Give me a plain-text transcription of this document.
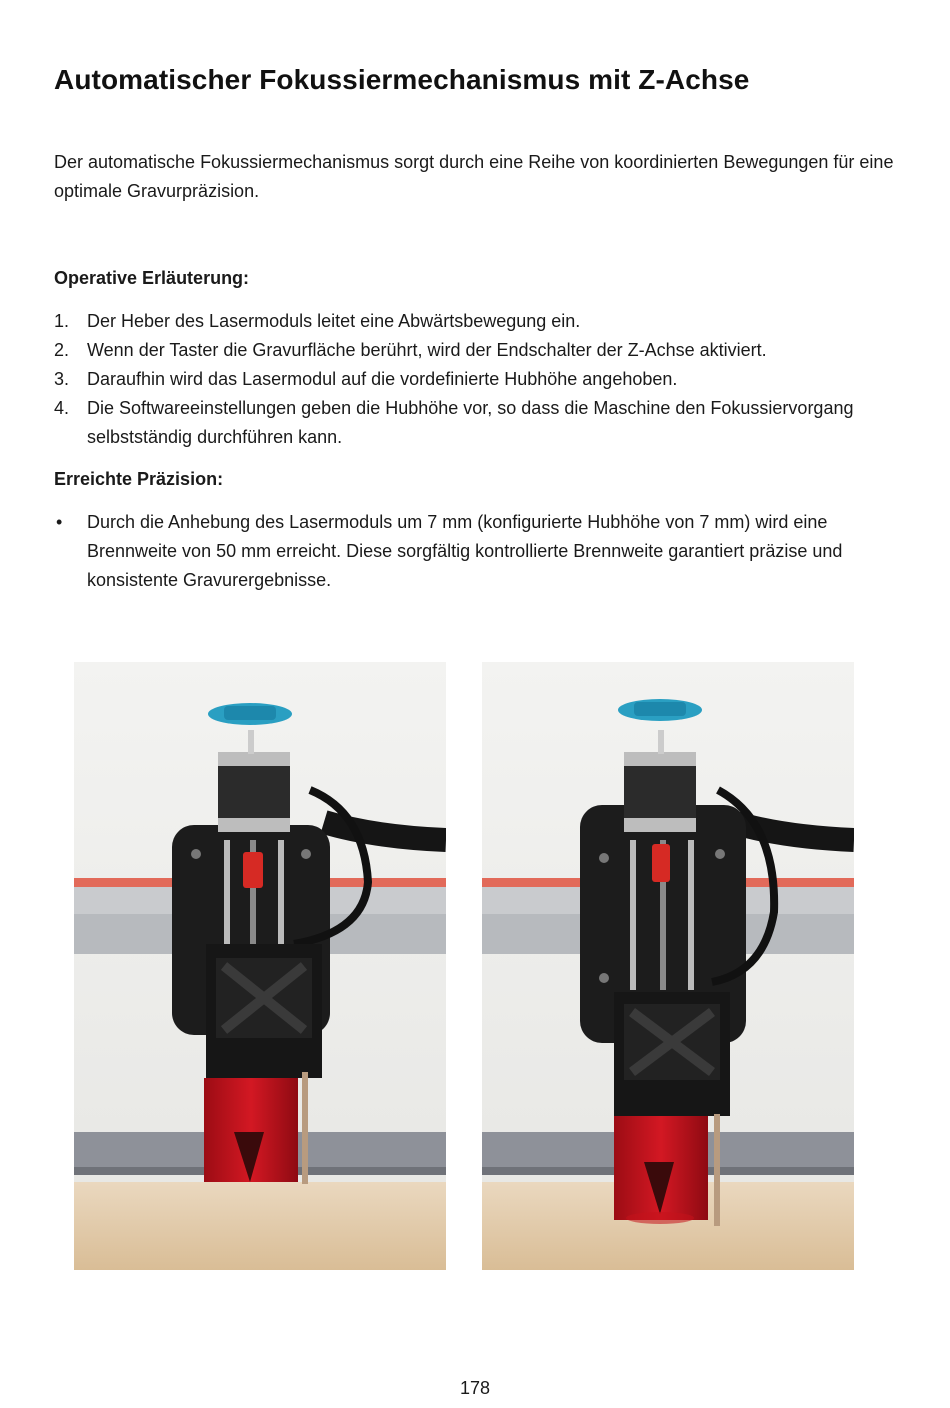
Automatischer Fokussiermechanismus mit Z-Achse

Der automatische Fokussiermechanismus sorgt durch eine Reihe von koordinierten Bewegungen für eine optimale Gravurpräzision.

Operative Erläuterung:

1. Der Heber des Lasermoduls leitet eine Abwärtsbewegung ein.
2. Wenn der Taster die Gravurfläche berührt, wird der Endschalter der Z-Achse aktiviert.
3. Daraufhin wird das Lasermodul auf die vordefinierte Hubhöhe angehoben.
4. Die Softwareeinstellungen geben die Hubhöhe vor, so dass die Maschine den Fokussiervorgang selbstständig durchführen kann.

Erreichte Präzision:

• Durch die Anhebung des Lasermoduls um 7 mm (konfigurierte Hubhöhe von 7 mm) wird eine Brennweite von 50 mm erreicht. Diese sorgfältig kontrollierte Brennweite garantiert präzise und konsistente Gravurergebnisse.
178
